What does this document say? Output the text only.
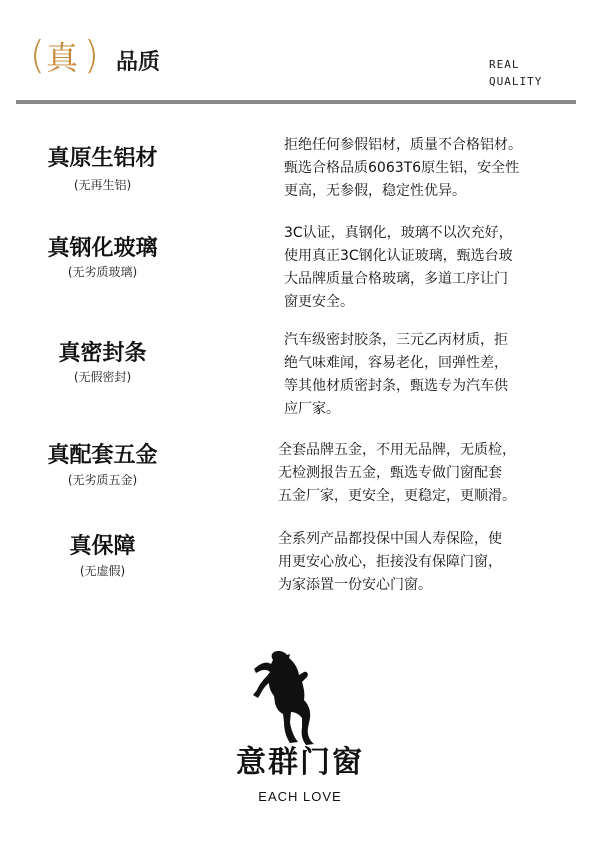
( 真 ) 品质	REAL
QUALITY
真原生铝材
(无再生铝)
拒绝任何参假铝材，质量不合格铝材。
甄选合格品质6063T6原生铝，安全性
更高，无参假，稳定性优异。
真钢化玻璃
(无劣质玻璃)
3C认证，真钢化，玻璃不以次充好，
使用真正3C钢化认证玻璃，甄选台玻
大品牌质量合格玻璃，多道工序让门
窗更安全。
真密封条
(无假密封)
汽车级密封胶条，三元乙丙材质，拒
绝气味难闻，容易老化，回弹性差，
等其他材质密封条，甄选专为汽车供
应厂家。
真配套五金
(无劣质五金)
全套品牌五金，不用无品牌，无质检，
无检测报告五金，甄选专做门窗配套
五金厂家，更安全，更稳定，更顺滑。
真保障
(无虚假)
全系列产品都投保中国人寿保险，使
用更安心放心，拒接没有保障门窗，
为家添置一份安心门窗。
意群门窗
EACH LOVE
